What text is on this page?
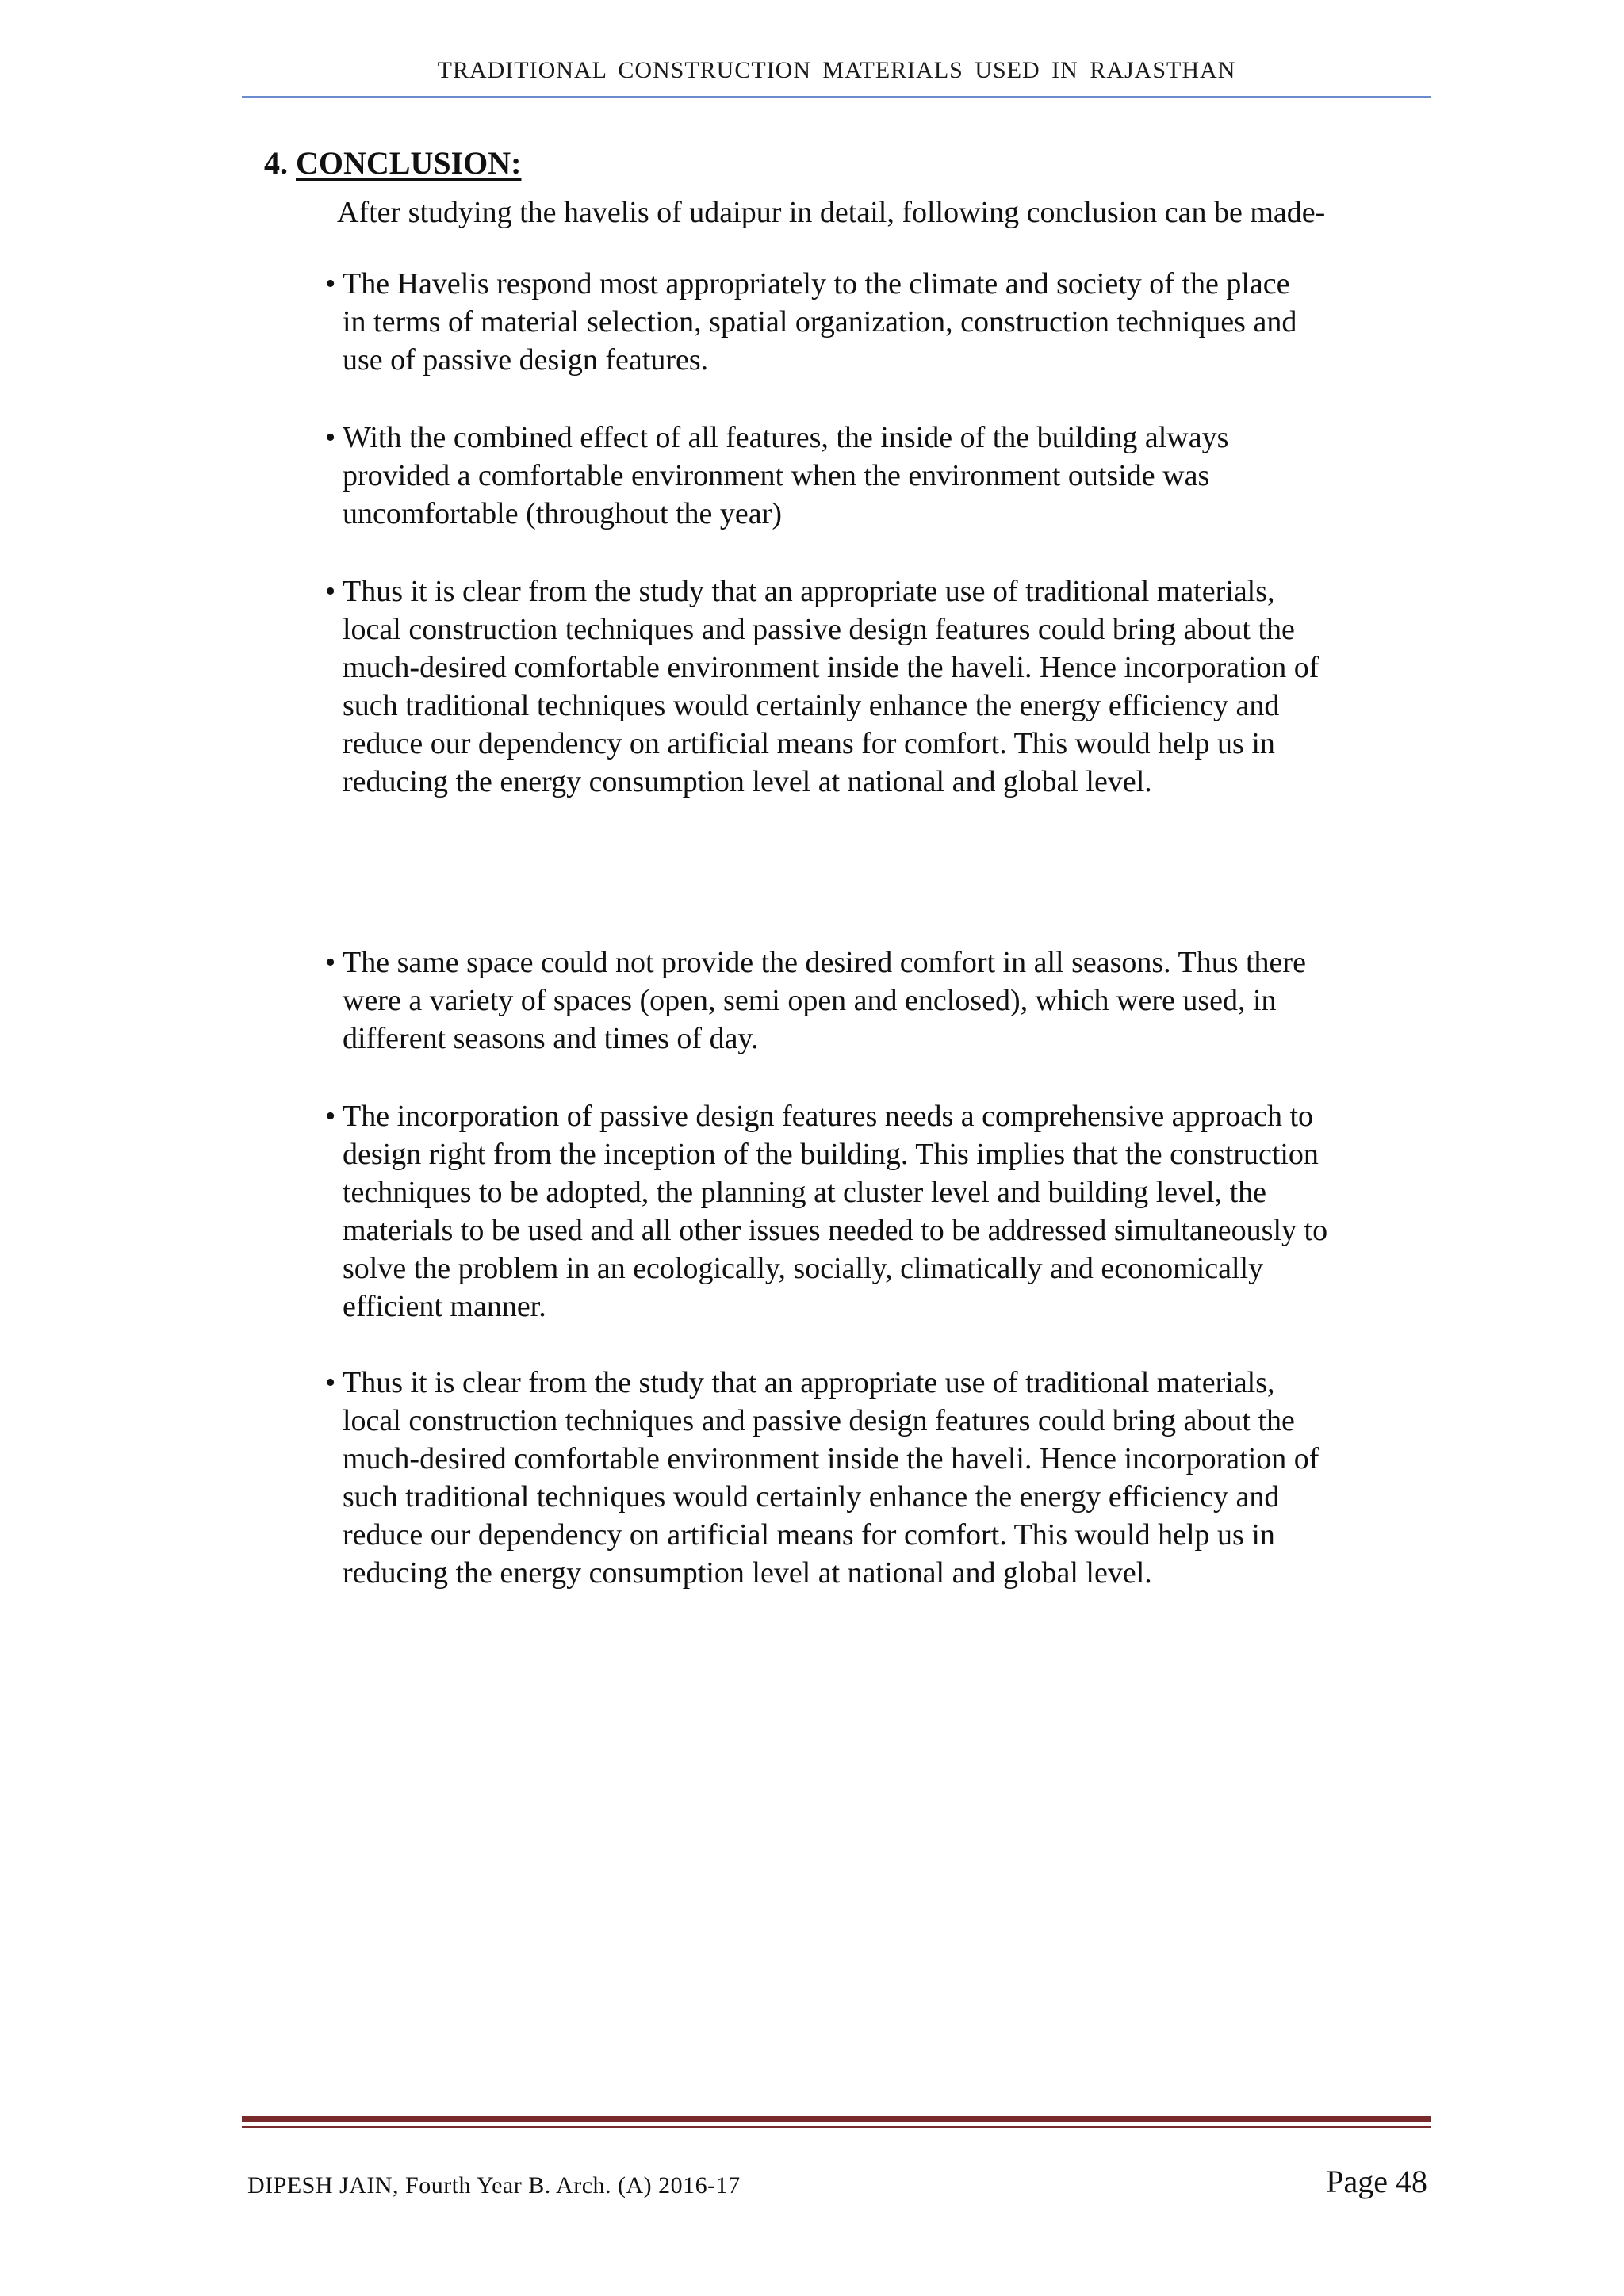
TRADITIONAL CONSTRUCTION MATERIALS USED IN RAJASTHAN
4. CONCLUSION:
After studying the havelis of udaipur in detail, following conclusion can be made-
• The Havelis respond most appropriately to the climate and society of the place
in terms of material selection, spatial organization, construction techniques and
use of passive design features.
• With the combined effect of all features, the inside of the building always
provided a comfortable environment when the environment outside was
uncomfortable (throughout the year)
• Thus it is clear from the study that an appropriate use of traditional materials,
local construction techniques and passive design features could bring about the
much-desired comfortable environment inside the haveli. Hence incorporation of
such traditional techniques would certainly enhance the energy efficiency and
reduce our dependency on artificial means for comfort. This would help us in
reducing the energy consumption level at national and global level.
• The same space could not provide the desired comfort in all seasons. Thus there
were a variety of spaces (open, semi open and enclosed), which were used, in
different seasons and times of day.
• The incorporation of passive design features needs a comprehensive approach to
design right from the inception of the building. This implies that the construction
techniques to be adopted, the planning at cluster level and building level, the
materials to be used and all other issues needed to be addressed simultaneously to
solve the problem in an ecologically, socially, climatically and economically
efficient manner.
• Thus it is clear from the study that an appropriate use of traditional materials,
local construction techniques and passive design features could bring about the
much-desired comfortable environment inside the haveli. Hence incorporation of
such traditional techniques would certainly enhance the energy efficiency and
reduce our dependency on artificial means for comfort. This would help us in
reducing the energy consumption level at national and global level.
DIPESH JAIN, Fourth Year B. Arch. (A) 2016-17	Page 48
